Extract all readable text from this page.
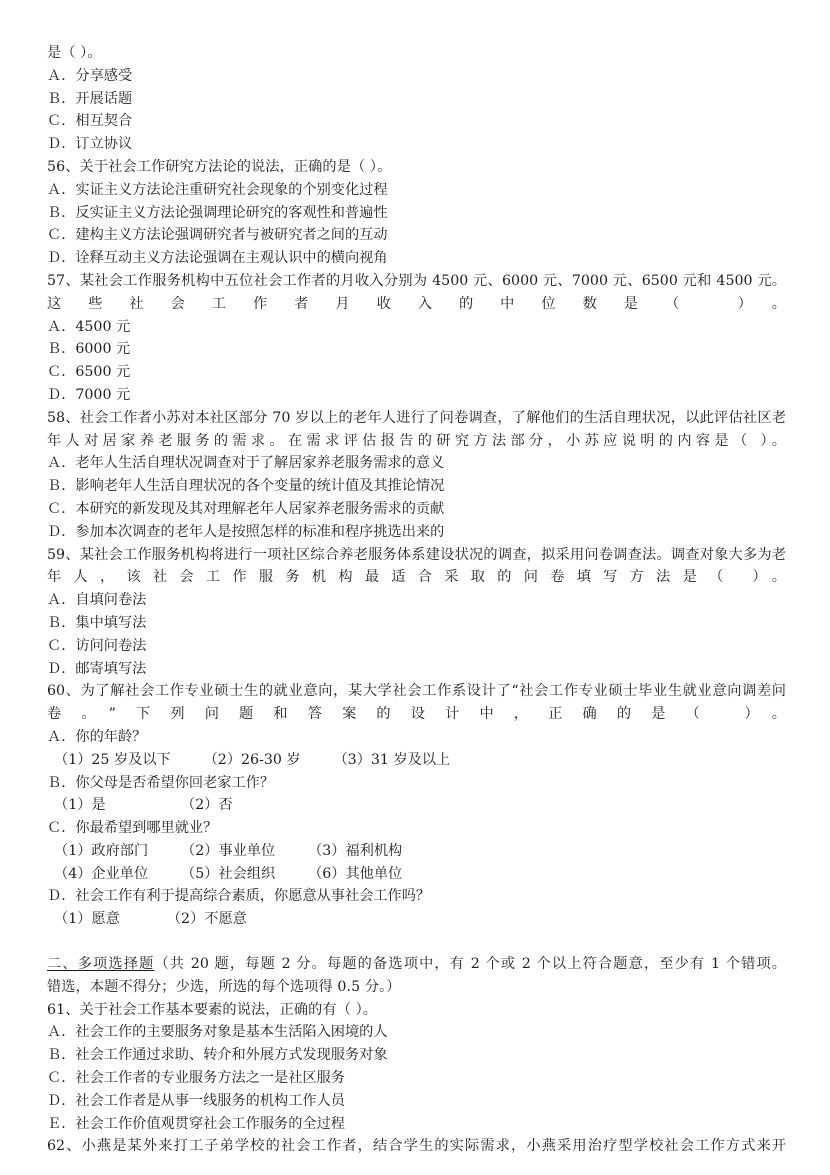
是（ ）。
Ａ．分享感受
Ｂ．开展话题
Ｃ．相互契合
Ｄ．订立协议
56、关于社会工作研究方法论的说法，正确的是（ ）。
Ａ．实证主义方法论注重研究社会现象的个别变化过程
Ｂ．反实证主义方法论强调理论研究的客观性和普遍性
Ｃ．建构主义方法论强调研究者与被研究者之间的互动
Ｄ．诠释互动主义方法论强调在主观认识中的横向视角
57、某社会工作服务机构中五位社会工作者的月收入分别为 4500 元、6000 元、7000 元、6500 元和 4500 元。这些社会工作者月收入的中位数是（ ）。
Ａ．4500 元
Ｂ．6000 元
Ｃ．6500 元
Ｄ．7000 元
58、社会工作者小苏对本社区部分 70 岁以上的老年人进行了问卷调查，了解他们的生活自理状况，以此评估社区老年人对居家养老服务的需求。在需求评估报告的研究方法部分，小苏应说明的内容是（ ）。
Ａ．老年人生活自理状况调查对于了解居家养老服务需求的意义
Ｂ．影响老年人生活自理状况的各个变量的统计值及其推论情况
Ｃ．本研究的新发现及其对理解老年人居家养老服务需求的贡献
Ｄ．参加本次调查的老年人是按照怎样的标准和程序挑选出来的
59、某社会工作服务机构将进行一项社区综合养老服务体系建设状况的调查，拟采用问卷调查法。调查对象大多为老年人，该社会工作服务机构最适合采取的问卷填写方法是（ ）。
Ａ．自填问卷法
Ｂ．集中填写法
Ｃ．访问问卷法
Ｄ．邮寄填写法
60、为了解社会工作专业硕士生的就业意向，某大学社会工作系设计了“社会工作专业硕士毕业生就业意向调差问卷。”下列问题和答案的设计中，正确的是（ ）。
Ａ．你的年龄？
（1）25 岁及以下　　 （2）26-30 岁　　 （3）31 岁及以上
Ｂ．你父母是否希望你回老家工作？
（1）是　　　　　 （2）否
Ｃ．你最希望到哪里就业？
（1）政府部门　　 （2）事业单位　　 （3）福利机构
（4）企业单位　　 （5）社会组织　　 （6）其他单位
Ｄ．社会工作有利于提高综合素质，你愿意从事社会工作吗？
（1）愿意　　　 （2）不愿意
二、多项选择题（共 20 题，每题 2 分。每题的备选项中，有 2 个或 2 个以上符合题意，至少有 1 个错项。
错选，本题不得分；少选，所选的每个选项得 0.5 分。）
61、关于社会工作基本要素的说法，正确的有（ ）。
Ａ．社会工作的主要服务对象是基本生活陷入困境的人
Ｂ．社会工作通过求助、转介和外展方式发现服务对象
Ｃ．社会工作者的专业服务方法之一是社区服务
Ｄ．社会工作者是从事一线服务的机构工作人员
Ｅ．社会工作价值观贯穿社会工作服务的全过程
62、小燕是某外来打工子弟学校的社会工作者，结合学生的实际需求，小燕采用治疗型学校社会工作方式来开
